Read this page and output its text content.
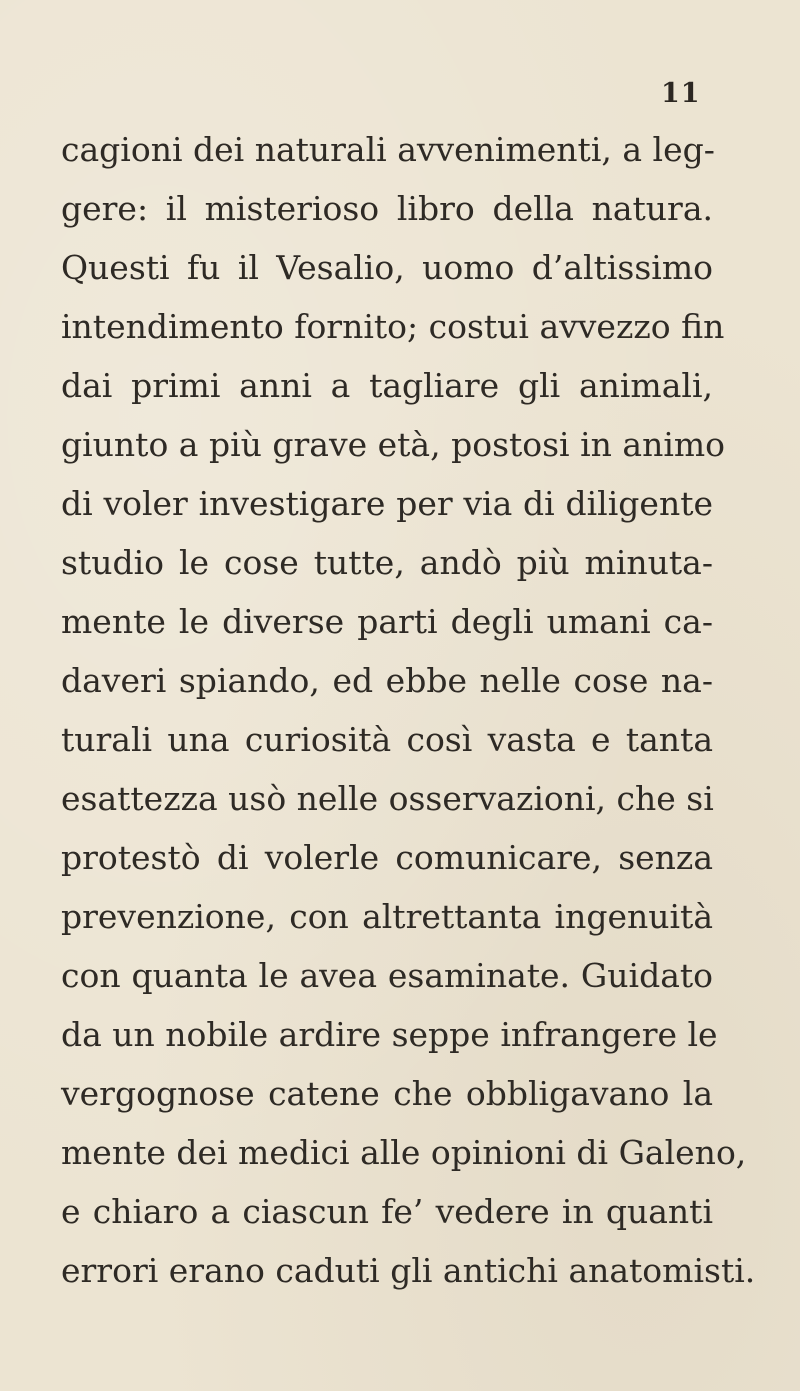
11
cagioni dei naturali avvenimenti, a leg-
gere: il misterioso libro della natura.
Questi fu il Vesalio, uomo d’altissimo
intendimento fornito; costui avvezzo fin
dai primi anni a tagliare gli animali,
giunto a più grave età, postosi in animo
di voler investigare per via di diligente
studio le cose tutte, andò più minuta-
mente le diverse parti degli umani ca-
daveri spiando, ed ebbe nelle cose na-
turali una curiosità così vasta e tanta
esattezza usò nelle osservazioni, che si
protestò di volerle comunicare, senza
prevenzione, con altrettanta ingenuità
con quanta le avea esaminate. Guidato
da un nobile ardire seppe infrangere le
vergognose catene che obbligavano la
mente dei medici alle opinioni di Galeno,
e chiaro a ciascun fe’ vedere in quanti
errori erano caduti gli antichi anatomisti.
